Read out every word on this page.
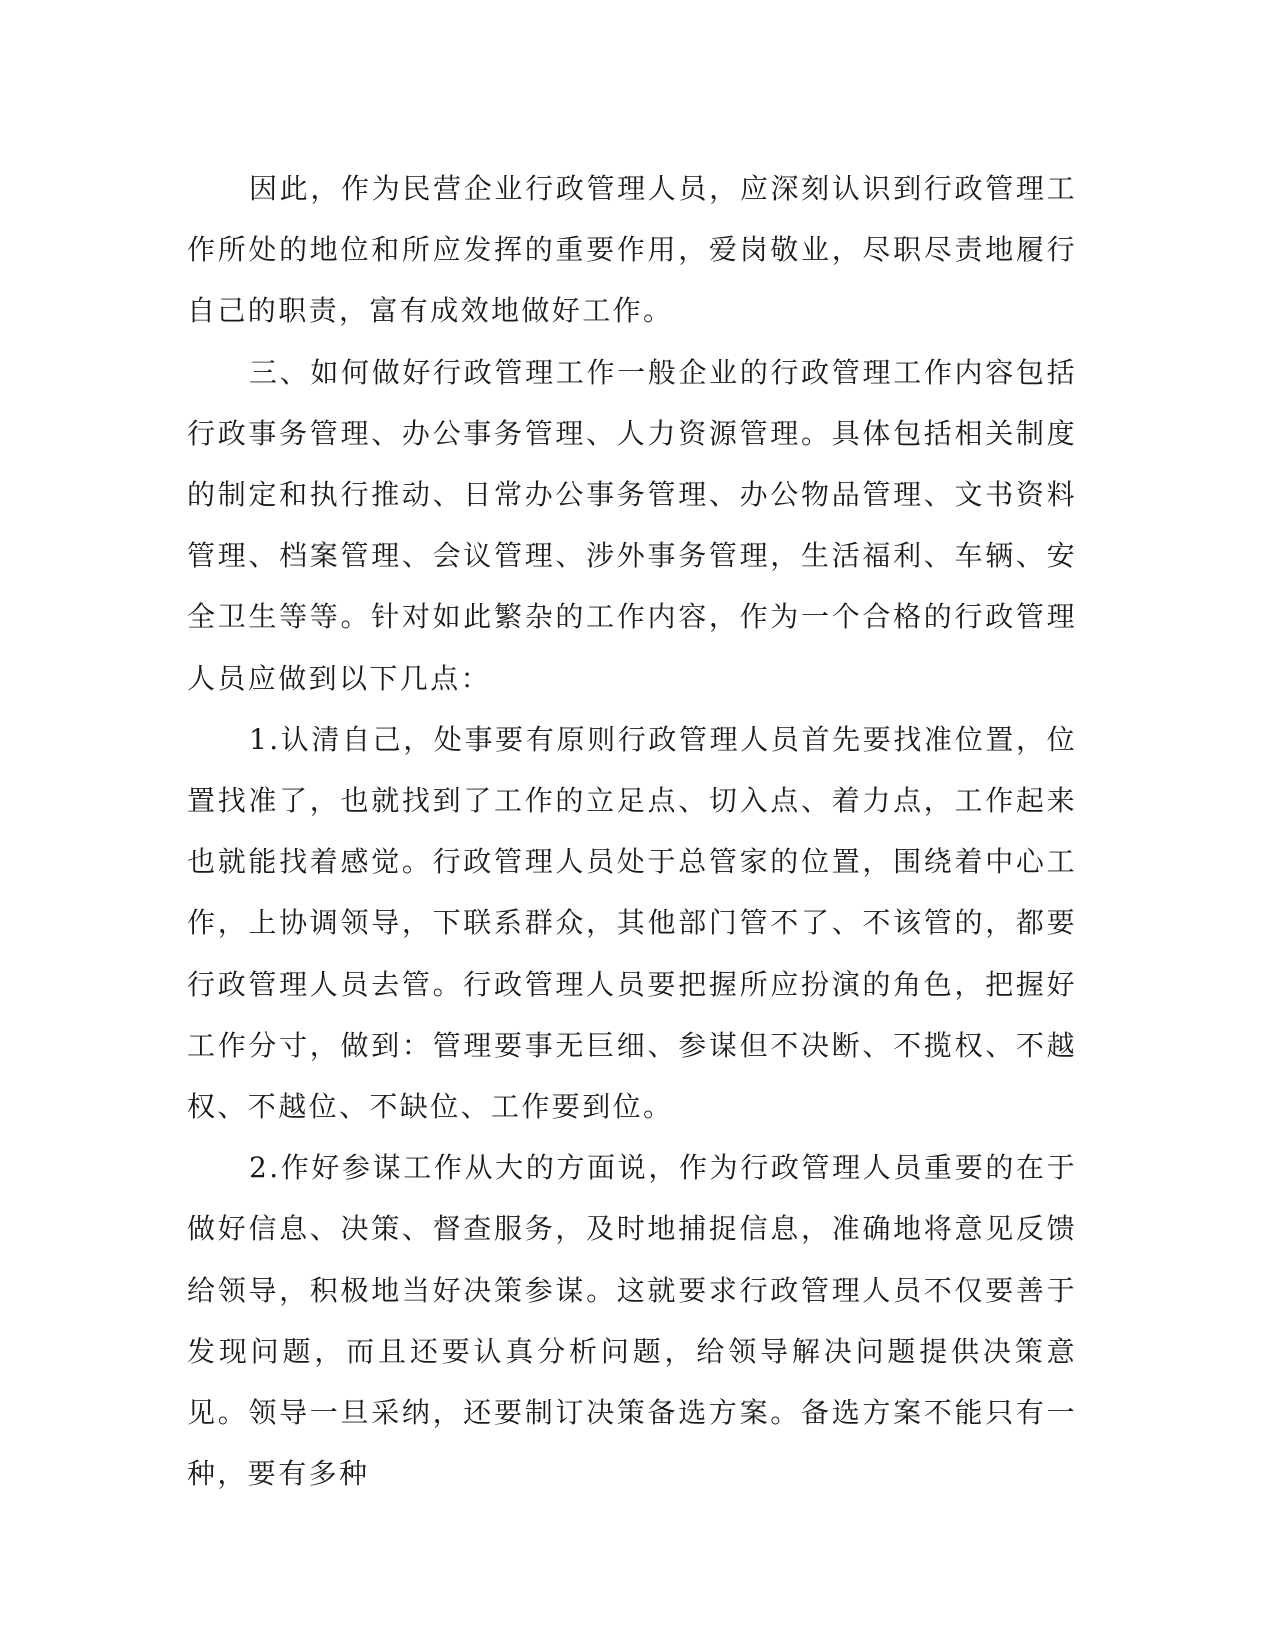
因此，作为民营企业行政管理人员，应深刻认识到行政管理工作所处的地位和所应发挥的重要作用，爱岗敬业，尽职尽责地履行自己的职责，富有成效地做好工作。

三、如何做好行政管理工作一般企业的行政管理工作内容包括行政事务管理、办公事务管理、人力资源管理。具体包括相关制度的制定和执行推动、日常办公事务管理、办公物品管理、文书资料管理、档案管理、会议管理、涉外事务管理，生活福利、车辆、安全卫生等等。针对如此繁杂的工作内容，作为一个合格的行政管理人员应做到以下几点：

1.认清自己，处事要有原则行政管理人员首先要找准位置，位置找准了，也就找到了工作的立足点、切入点、着力点，工作起来也就能找着感觉。行政管理人员处于总管家的位置，围绕着中心工作，上协调领导，下联系群众，其他部门管不了、不该管的，都要行政管理人员去管。行政管理人员要把握所应扮演的角色，把握好工作分寸，做到：管理要事无巨细、参谋但不决断、不揽权、不越权、不越位、不缺位、工作要到位。

2.作好参谋工作从大的方面说，作为行政管理人员重要的在于做好信息、决策、督查服务，及时地捕捉信息，准确地将意见反馈给领导，积极地当好决策参谋。这就要求行政管理人员不仅要善于发现问题，而且还要认真分析问题，给领导解决问题提供决策意见。领导一旦采纳，还要制订决策备选方案。备选方案不能只有一种，要有多种
